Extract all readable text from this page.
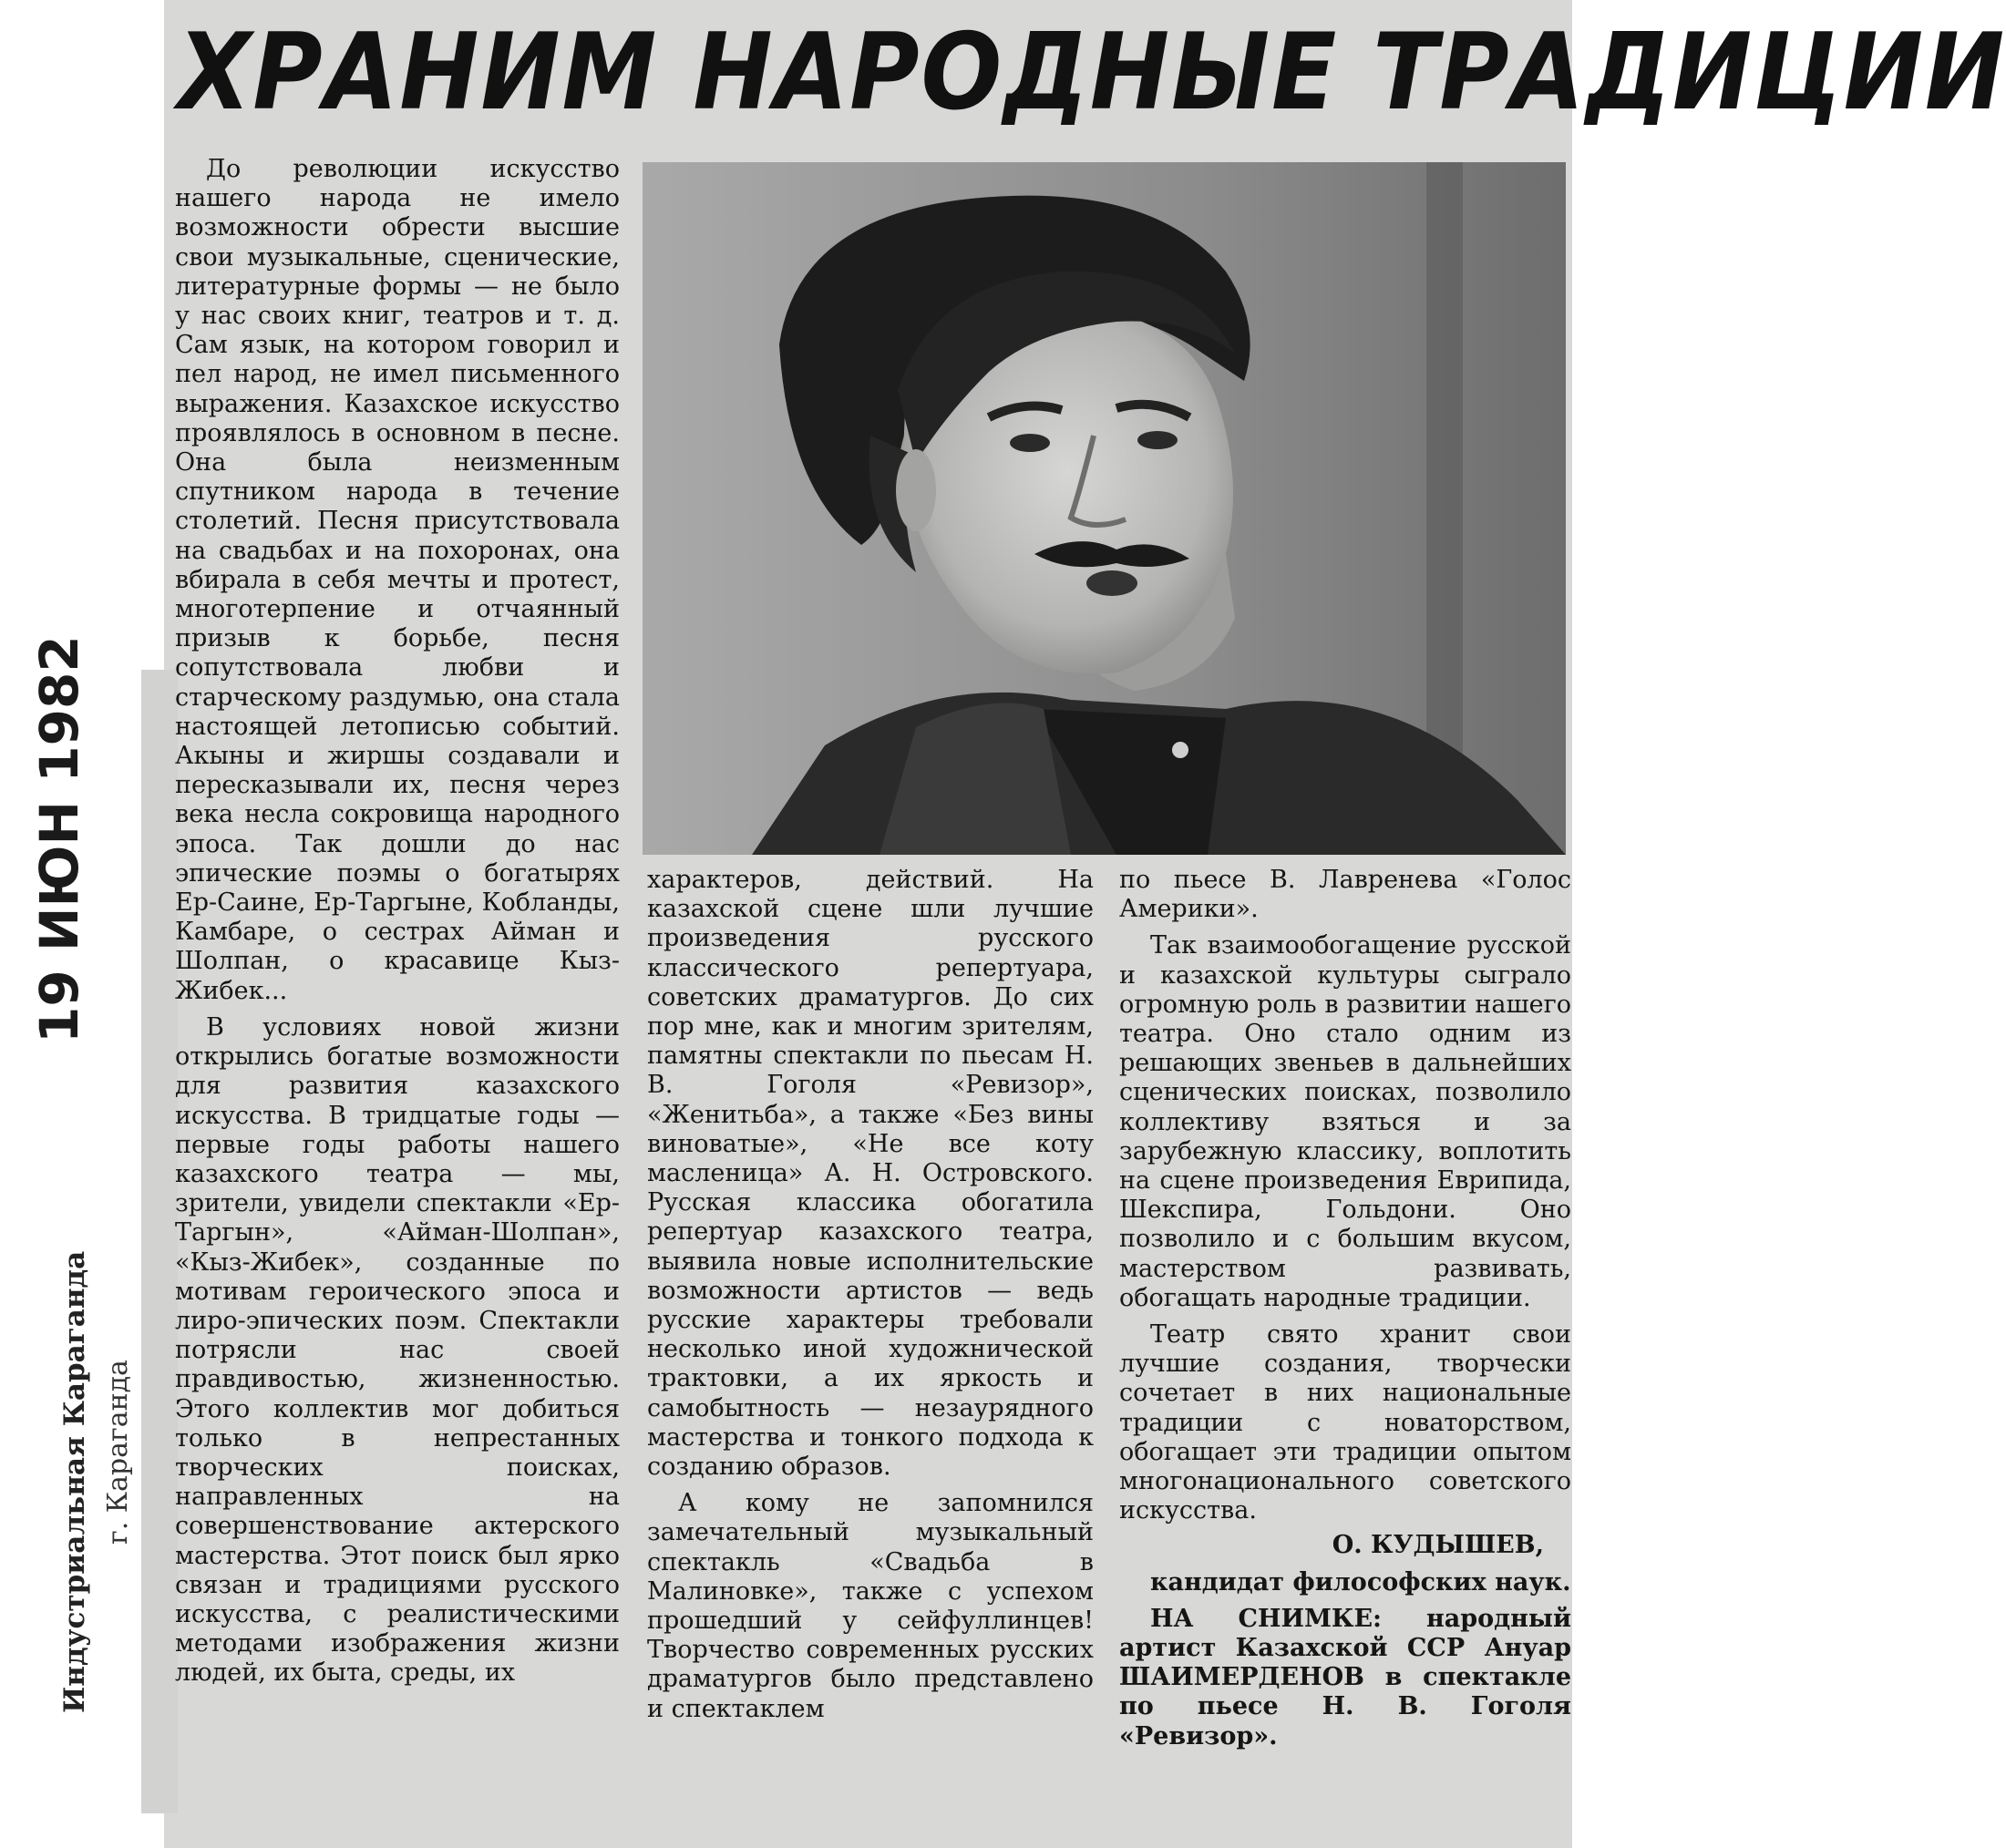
ХРАНИМ НАРОДНЫЕ ТРАДИЦИИ

До революции искусство нашего народа не имело возможности обрести высшие свои музыкальные, сценические, литературные формы — не было у нас своих книг, театров и т. д. Сам язык, на котором говорил и пел народ, не имел письменного выражения. Казахское искусство проявлялось в основном в песне. Она была неизменным спутником народа в течение столетий. Песня присутствовала на свадьбах и на похоронах, она вбирала в себя мечты и протест, многотерпение и отчаянный призыв к борьбе, песня сопутствовала любви и старческому раздумью, она стала настоящей летописью событий. Акыны и жиршы создавали и пересказывали их, песня через века несла сокровища народного эпоса. Так дошли до нас эпические поэмы о богатырях Ер-Саине, Ер-Таргыне, Кобланды, Камбаре, о сестрах Айман и Шолпан, о красавице Кыз-Жибек...

В условиях новой жизни открылись богатые возможности для развития казахского искусства. В тридцатые годы — первые годы работы нашего казахского театра — мы, зрители, увидели спектакли «Ер-Таргын», «Айман-Шолпан», «Кыз-Жибек», созданные по мотивам героического эпоса и лиро-эпических поэм. Спектакли потрясли нас своей правдивостью, жизненностью. Этого коллектив мог добиться только в непрестанных творческих поисках, направленных на совершенствование актерского мастерства. Этот поиск был ярко связан и традициями русского искусства, с реалистическими методами изображения жизни людей, их быта, среды, их

характеров, действий. На казахской сцене шли лучшие произведения русского классического репертуара, советских драматургов. До сих пор мне, как и многим зрителям, памятны спектакли по пьесам Н. В. Гоголя «Ревизор», «Женитьба», а также «Без вины виноватые», «Не все коту масленица» А. Н. Островского. Русская классика обогатила репертуар казахского театра, выявила новые исполнительские возможности артистов — ведь русские характеры требовали несколько иной художнической трактовки, а их яркость и самобытность — незаурядного мастерства и тонкого подхода к созданию образов.

А кому не запомнился замечательный музыкальный спектакль «Свадьба в Малиновке», также с успехом прошедший у сейфуллинцев! Творчество современных русских драматургов было представлено и спектаклем

по пьесе В. Лавренева «Голос Америки».

Так взаимообогащение русской и казахской культуры сыграло огромную роль в развитии нашего театра. Оно стало одним из решающих звеньев в дальнейших сценических поисках, позволило коллективу взяться и за зарубежную классику, воплотить на сцене произведения Еврипида, Шекспира, Гольдони. Оно позволило и с большим вкусом, мастерством развивать, обогащать народные традиции.

Театр свято хранит свои лучшие создания, творчески сочетает в них национальные традиции с новаторством, обогащает эти традиции опытом многонационального советского искусства.

О. КУДЫШЕВ,

кандидат философских наук.

НА СНИМКЕ: народный артист Казахской ССР Ануар ШАИМЕРДЕНОВ в спектакле по пьесе Н. В. Гоголя «Ревизор».

19 ИЮН 1982
Индустриальная Караганда г. Караганда
